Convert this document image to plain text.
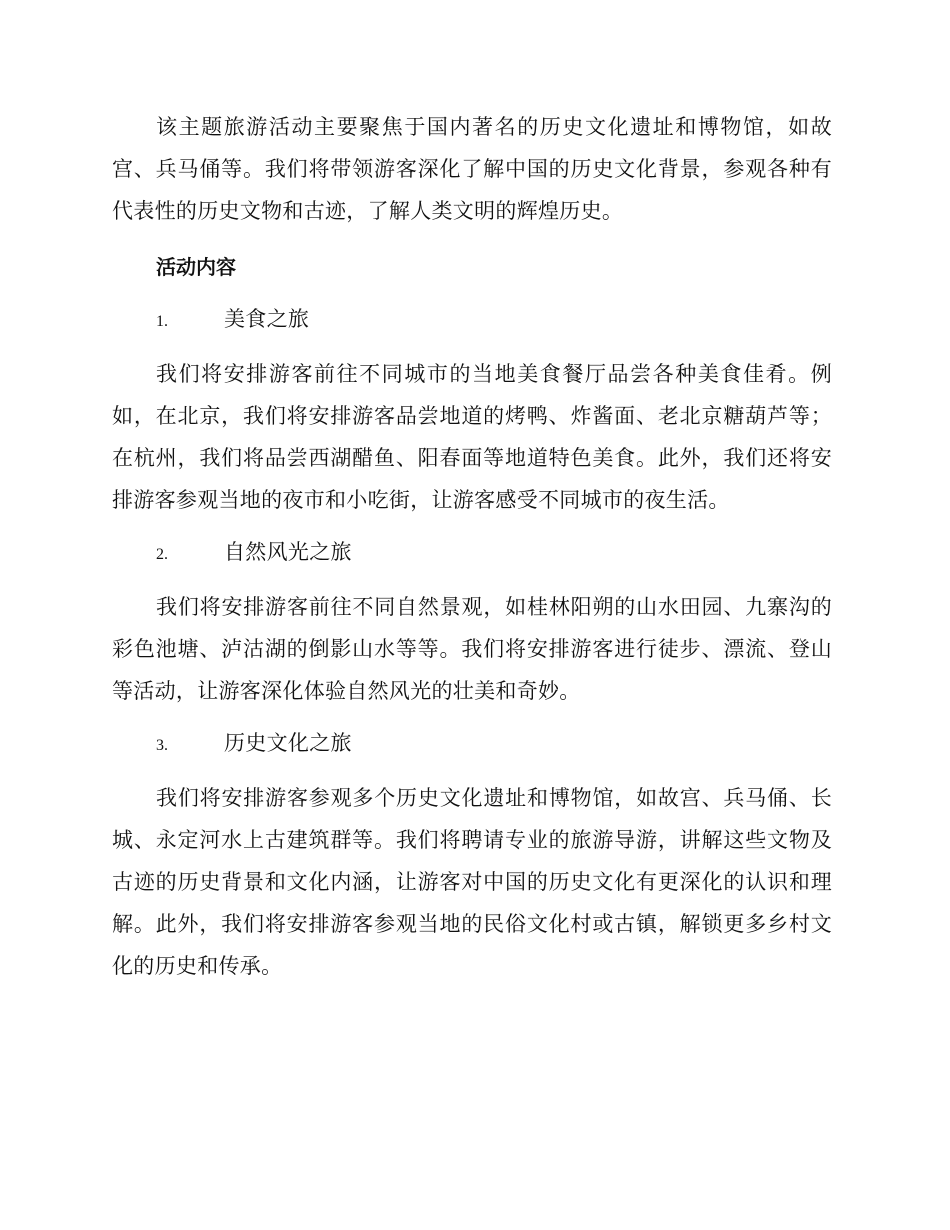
该主题旅游活动主要聚焦于国内著名的历史文化遗址和博物馆，如故宫、兵马俑等。我们将带领游客深化了解中国的历史文化背景，参观各种有代表性的历史文物和古迹，了解人类文明的辉煌历史。

活动内容
1.	美食之旅

我们将安排游客前往不同城市的当地美食餐厅品尝各种美食佳肴。例如，在北京，我们将安排游客品尝地道的烤鸭、炸酱面、老北京糖葫芦等；在杭州，我们将品尝西湖醋鱼、阳春面等地道特色美食。此外，我们还将安排游客参观当地的夜市和小吃街，让游客感受不同城市的夜生活。

2.	自然风光之旅

我们将安排游客前往不同自然景观，如桂林阳朔的山水田园、九寨沟的彩色池塘、泸沽湖的倒影山水等等。我们将安排游客进行徒步、漂流、登山等活动，让游客深化体验自然风光的壮美和奇妙。

3.	历史文化之旅

我们将安排游客参观多个历史文化遗址和博物馆，如故宫、兵马俑、长城、永定河水上古建筑群等。我们将聘请专业的旅游导游，讲解这些文物及古迹的历史背景和文化内涵，让游客对中国的历史文化有更深化的认识和理解。此外，我们将安排游客参观当地的民俗文化村或古镇，解锁更多乡村文化的历史和传承。
